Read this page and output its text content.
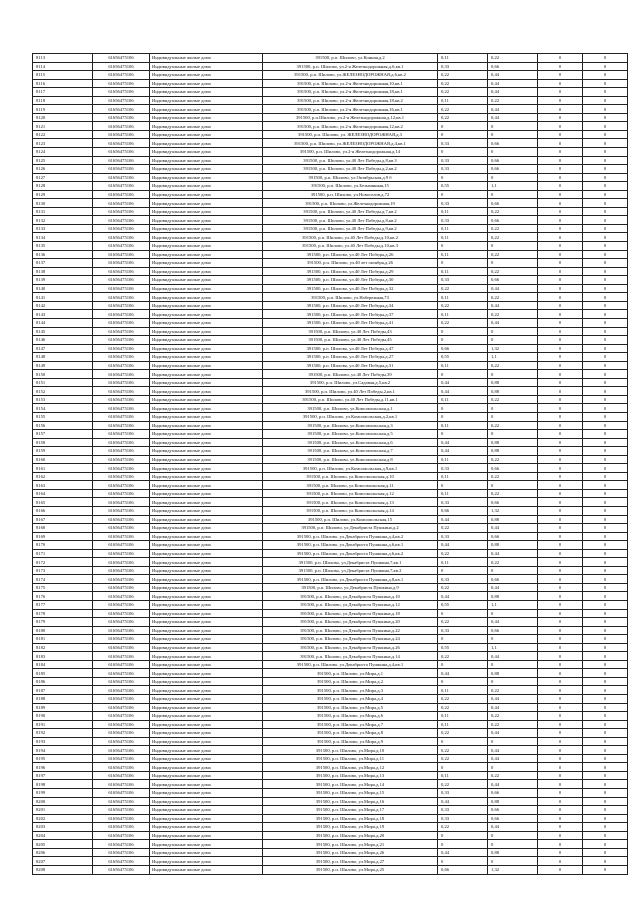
8113	61656475106	Индивидуальные жилые дома	391500, р.п. Шилово, ул.Конная,д.2	0,11	0,22	0	0
8114	61656475106	Индивидуальные жилые дома	391500, р.п. Шилово, ул.2-я Железнодорожная,д.6,кв.1	0,33	0,66	0	0
8115	61656475106	Индивидуальные жилые дома	391500, р.п. Шилово, ул.ЖЕЛЕЗНОДОРОЖНАЯ,д.6,кв.2	0,22	0,44	0	0
8116	61656475106	Индивидуальные жилые дома	391500, р.п. Шилово, ул.2-я Железнодорожная,10,кв.1	0,22	0,44	0	0
8117	61656475106	Индивидуальные жилые дома	391500, р.п. Шилово, ул.2-я Железнодорожная,18,кв.1	0,22	0,44	0	0
8118	61656475106	Индивидуальные жилые дома	391500, р.п. Шилово, ул.2-я Железнодорожная,18,кв.2	0,11	0,22	0	0
8119	61656475106	Индивидуальные жилые дома	391500, р.п. Шилово, ул.2-я Железнодорожная,16,кв.1	0,22	0,44	0	0
8120	61656475106	Индивидуальные жилые дома	391500, р.п.Шилово, ул.2-я Железнодорожная,д.12,кв.1	0,22	0,44	0	0
8121	61656475106	Индивидуальные жилые дома	391500, р.п. Шилово, ул.2-я Железнодорожная,12,кв.2	0	0	0	0
8122	61656475106	Индивидуальные жилые дома	391500, р.п. Шилово, ул. ЖЕЛЕЗНОДОРОЖНАЯ,д.3	0	0	0	0
8123	61656475106	Индивидуальные жилые дома	391500, р.п. Шилово, ул.ЖЕЛЕЗНОДОРОЖНАЯ,д.4,кв.1	0,33	0,66	0	0
8124	61656475106	Индивидуальные жилые дома	391500, р.п. Шилово, ул.2-я Железнодорожная,д.14	0	0	0	0
8125	61656475106	Индивидуальные жилые дома	391500, р.п. Шилово, ул.40 Лет Победы,д.8,кв.3	0,33	0,66	0	0
8126	61656475106	Индивидуальные жилые дома	391500, р.п. Шилово, ул.40 Лет Победы,д.2,кв.2	0,33	0,66	0	0
8127	61656475106	Индивидуальные жилые дома	391500, р.п. Шилово, ул.Октябрьская,д.9 б	0	0	0	0
8128	61656475106	Индивидуальные жилые дома	391500, р.п. Шилово, ул.Безымянная,15	0,55	1,1	0	0
8129	61656475106	Индивидуальные жилые дома	391500, р.п. Шилово, ул.Новоселов,д.72	0	0	0	0
8130	61656475106	Индивидуальные жилые дома	391500, р.п. Шилово, ул.Железнодорожная,19	0,33	0,66	0	0
8131	61656475106	Индивидуальные жилые дома	391500, р.п. Шилово, ул.40 Лет Победы,д.7,кв.2	0,11	0,22	0	0
8132	61656475106	Индивидуальные жилые дома	391500, р.п. Шилово, ул.40 Лет Победы,д.8,кв.2	0,33	0,66	0	0
8133	61656475106	Индивидуальные жилые дома	391500, р.п. Шилово, ул.40 Лет Победы,д.9,кв.2	0,11	0,22	0	0
8134	61656475106	Индивидуальные жилые дома	391500, р.п. Шилово, ул.40 Лет Победы,д.10,кв.2	0,11	0,22	0	0
8135	61656475106	Индивидуальные жилые дома	391500, р.п. Шилово, ул.40 Лет Победы,д.10,кв.3	0	0	0	0
8136	61656475106	Индивидуальные жилые дома	391500, р.п. Шилово, ул.40 Лет Победы,д.26	0,11	0,22	0	0
8137	61656475106	Индивидуальные жилые дома	391500, р.п. Шилово, ул.40 лет октября,д.26	0	0	0	0
8138	61656475106	Индивидуальные жилые дома	391500, р.п. Шилово, ул.40 Лет Победы,д.29	0,11	0,22	0	0
8139	61656475106	Индивидуальные жилые дома	391500, р.п. Шилово, ул.40 Лет Победы,д.30	0,33	0,66	0	0
8140	61656475106	Индивидуальные жилые дома	391500, р.п. Шилово, ул.40 Лет Победы,д.32	0,22	0,44	0	0
8141	61656475106	Индивидуальные жилые дома	391500, р.п. Шилово, ул.Набережная,73	0,11	0,22	0	0
8142	61656475106	Индивидуальные жилые дома	391500, р.п. Шилово, ул.40 Лет Победы,д.34	0,22	0,44	0	0
8143	61656475106	Индивидуальные жилые дома	391500, р.п. Шилово, ул.40 Лет Победы,д.37	0,11	0,22	0	0
8144	61656475106	Индивидуальные жилые дома	391500, р.п. Шилово, ул.40 Лет Победы,д.41	0,22	0,44	0	0
8145	61656475106	Индивидуальные жилые дома	391500, р.п. Шилово, ул.40 Лет Победы,43	0	0	0	0
8146	61656475106	Индивидуальные жилые дома	391500, р.п. Шилово, ул.40 Лет Победы,45	0	0	0	0
8147	61656475106	Индивидуальные жилые дома	391500, р.п. Шилово, ул.40 Лет Победы,д.47	0,66	1,32	0	0
8148	61656475106	Индивидуальные жилые дома	391500, р.п. Шилово, ул.40 Лет Победы,д.27	0,55	1,1	0	0
8149	61656475106	Индивидуальные жилые дома	391500, р.п. Шилово, ул.40 Лет Победы,д.31	0,11	0,22	0	0
8150	61656475106	Индивидуальные жилые дома	391500, р.п. Шилово, ул.40 Лет Победы,39	0	0	0	0
8151	61656475106	Индивидуальные жилые дома	391500, р.п. Шилово, ул.Садовая,д.5,кв.2	0,44	0,88	0	0
8152	61656475106	Индивидуальные жилые дома	391500, р.п. Шилово, ул.40 Лет Победы,2,кв.1	0,44	0,88	0	0
8153	61656475106	Индивидуальные жилые дома	391500, р.п. Шилово, ул.40 Лет Победы,д.11,кв.1	0,11	0,22	0	0
8154	61656475106	Индивидуальные жилые дома	391500, р.п. Шилово, ул.Комсомольская,д.1	0	0	0	0
8155	61656475106	Индивидуальные жилые дома	391500, р.п. Шилово, ул.Комсомольская,д.2,кв.1	0	0	0	0
8156	61656475106	Индивидуальные жилые дома	391500, р.п. Шилово, ул.Комсомольская,д.3	0,11	0,22	0	0
8157	61656475106	Индивидуальные жилые дома	391500, р.п. Шилово, ул.Комсомольская,д.5	0	0	0	0
8158	61656475106	Индивидуальные жилые дома	391500, р.п. Шилово, ул.Комсомольская,д.6	0,44	0,88	0	0
8159	61656475106	Индивидуальные жилые дома	391500, р.п. Шилово, ул.Комсомольская,д.7	0,44	0,88	0	0
8160	61656475106	Индивидуальные жилые дома	391500, р.п. Шилово, ул.Комсомольская,д.8	0,11	0,22	0	0
8161	61656475106	Индивидуальные жилые дома	391500, р.п. Шилово, ул.Комсомольская,д.9,кв.1	0,33	0,66	0	0
8162	61656475106	Индивидуальные жилые дома	391500, р.п. Шилово, ул.Комсомольская,д.10	0,11	0,22	0	0
8163	61656475106	Индивидуальные жилые дома	391500, р.п. Шилово, ул.Комсомольская,д.11	0	0	0	0
8164	61656475106	Индивидуальные жилые дома	391500, р.п. Шилово, ул.Комсомольская,д.12	0,11	0,22	0	0
8165	61656475106	Индивидуальные жилые дома	391500, р.п. Шилово, ул.Комсомольская,д.13	0,33	0,66	0	0
8166	61656475106	Индивидуальные жилые дома	391500, р.п. Шилово, ул.Комсомольская,д.14	0,66	1,32	0	0
8167	61656475106	Индивидуальные жилые дома	391500, р.п. Шилово, ул.Комсомольская,15	0,44	0,88	0	0
8168	61656475106	Индивидуальные жилые дома	391500, р.п. Шилово, ул.Декабриста Пушкина,д.2	0,22	0,44	0	0
8169	61656475106	Индивидуальные жилые дома	391500, р.п. Шилово, ул.Декабриста Пушкина,д.4,кв.2	0,33	0,66	0	0
8170	61656475106	Индивидуальные жилые дома	391500, р.п. Шилово, ул.Декабриста Пушкина,д.6,кв.1	0,44	0,88	0	0
8171	61656475106	Индивидуальные жилые дома	391500, р.п. Шилово, ул.Декабриста Пушкина,д.6,кв.2	0,22	0,44	0	0
8172	61656475106	Индивидуальные жилые дома	391500, р.п. Шилово, ул.Декабриста Пушкина,7,кв.1	0,11	0,22	0	0
8173	61656475106	Индивидуальные жилые дома	391500, р.п. Шилово, ул.Декабриста Пушкина,7,кв.2	0	0	0	0
8174	61656475106	Индивидуальные жилые дома	391500, р.п. Шилово, ул.Декабриста Пушкина,д.8,кв.1	0,33	0,66	0	0
8175	61656475106	Индивидуальные жилые дома	391500, р.п. Шилово, ул.Декабриста Пушкина,д.9	0,22	0,44	0	0
8176	61656475106	Индивидуальные жилые дома	391500, р.п. Шилово, ул.Декабриста Пушкина,д.10	0,44	0,88	0	0
8177	61656475106	Индивидуальные жилые дома	391500, р.п. Шилово, ул.Декабриста Пушкина,д.12	0,55	1,1	0	0
8178	61656475106	Индивидуальные жилые дома	391500, р.п. Шилово, ул.Декабриста Пушкина,д.18	0	0	0	0
8179	61656475106	Индивидуальные жилые дома	391500, р.п. Шилово, ул.Декабриста Пушкина,д.20	0,22	0,44	0	0
8180	61656475106	Индивидуальные жилые дома	391500, р.п. Шилово, ул.Декабриста Пушкина,д.22	0,33	0,66	0	0
8181	61656475106	Индивидуальные жилые дома	391500, р.п. Шилово, ул.Декабриста Пушкина,д.24	0	0	0	0
8182	61656475106	Индивидуальные жилые дома	391500, р.п. Шилово, ул.Декабриста Пушкина,д.26	0,55	1,1	0	0
8183	61656475106	Индивидуальные жилые дома	391500, р.п. Шилово, ул.Декабриста Пушкина,д.14	0,22	0,44	0	0
8184	61656475106	Индивидуальные жилые дома	391500, р.п. Шилово, ул.Декабриста Пушкина,д.4,кв.1	0	0	0	0
8185	61656475106	Индивидуальные жилые дома	391500, р.п. Шилово, ул.Мира,д.1	0,44	0,88	0	0
8186	61656475106	Индивидуальные жилые дома	391500, р.п. Шилово, ул.Мира,д.2	0	0	0	0
8187	61656475106	Индивидуальные жилые дома	391500, р.п. Шилово, ул.Мира,д.3	0,11	0,22	0	0
8188	61656475106	Индивидуальные жилые дома	391500, р.п. Шилово, ул.Мира,д.4	0,22	0,44	0	0
8189	61656475106	Индивидуальные жилые дома	391500, р.п. Шилово, ул.Мира,д.5	0,22	0,44	0	0
8190	61656475106	Индивидуальные жилые дома	391500, р.п. Шилово, ул.Мира,д.6	0,11	0,22	0	0
8191	61656475106	Индивидуальные жилые дома	391500, р.п. Шилово, ул.Мира,д.7	0,11	0,22	0	0
8192	61656475106	Индивидуальные жилые дома	391500, р.п. Шилово, ул.Мира,д.8	0,22	0,44	0	0
8193	61656475106	Индивидуальные жилые дома	391500, р.п. Шилово, ул.Мира,д.9	0	0	0	0
8194	61656475106	Индивидуальные жилые дома	391500, р.п. Шилово, ул.Мира,д.10	0,22	0,44	0	0
8195	61656475106	Индивидуальные жилые дома	391500, р.п. Шилово, ул.Мира,д.11	0,22	0,44	0	0
8196	61656475106	Индивидуальные жилые дома	391500, р.п. Шилово, ул.Мира,д.12	0	0	0	0
8197	61656475106	Индивидуальные жилые дома	391500, р.п. Шилово, ул.Мира,д.13	0,11	0,22	0	0
8198	61656475106	Индивидуальные жилые дома	391500, р.п. Шилово, ул.Мира,д.14	0,22	0,44	0	0
8199	61656475106	Индивидуальные жилые дома	391500, р.п. Шилово, ул.Мира,д.15	0,33	0,66	0	0
8200	61656475106	Индивидуальные жилые дома	391500, р.п. Шилово, ул.Мира,д.16	0,44	0,88	0	0
8201	61656475106	Индивидуальные жилые дома	391500, р.п. Шилово, ул.Мира,д.17	0,33	0,66	0	0
8202	61656475106	Индивидуальные жилые дома	391500, р.п. Шилово, ул.Мира,д.18	0,33	0,66	0	0
8203	61656475106	Индивидуальные жилые дома	391500, р.п. Шилово, ул.Мира,д.19	0,22	0,44	0	0
8204	61656475106	Индивидуальные жилые дома	391500, р.п. Шилово, ул.Мира,д.20	0	0	0	0
8205	61656475106	Индивидуальные жилые дома	391500, р.п. Шилово, ул.Мира,д.21	0	0	0	0
8206	61656475106	Индивидуальные жилые дома	391500, р.п. Шилово, ул.Мира,д.26	0,44	0,88	0	0
8207	61656475106	Индивидуальные жилые дома	391500, р.п. Шилово, ул.Мира,д.27	0	0	0	0
8208	61656475106	Индивидуальные жилые дома	391500, р.п. Шилово, ул.Мира,д.25	0,66	1,32	0	0
